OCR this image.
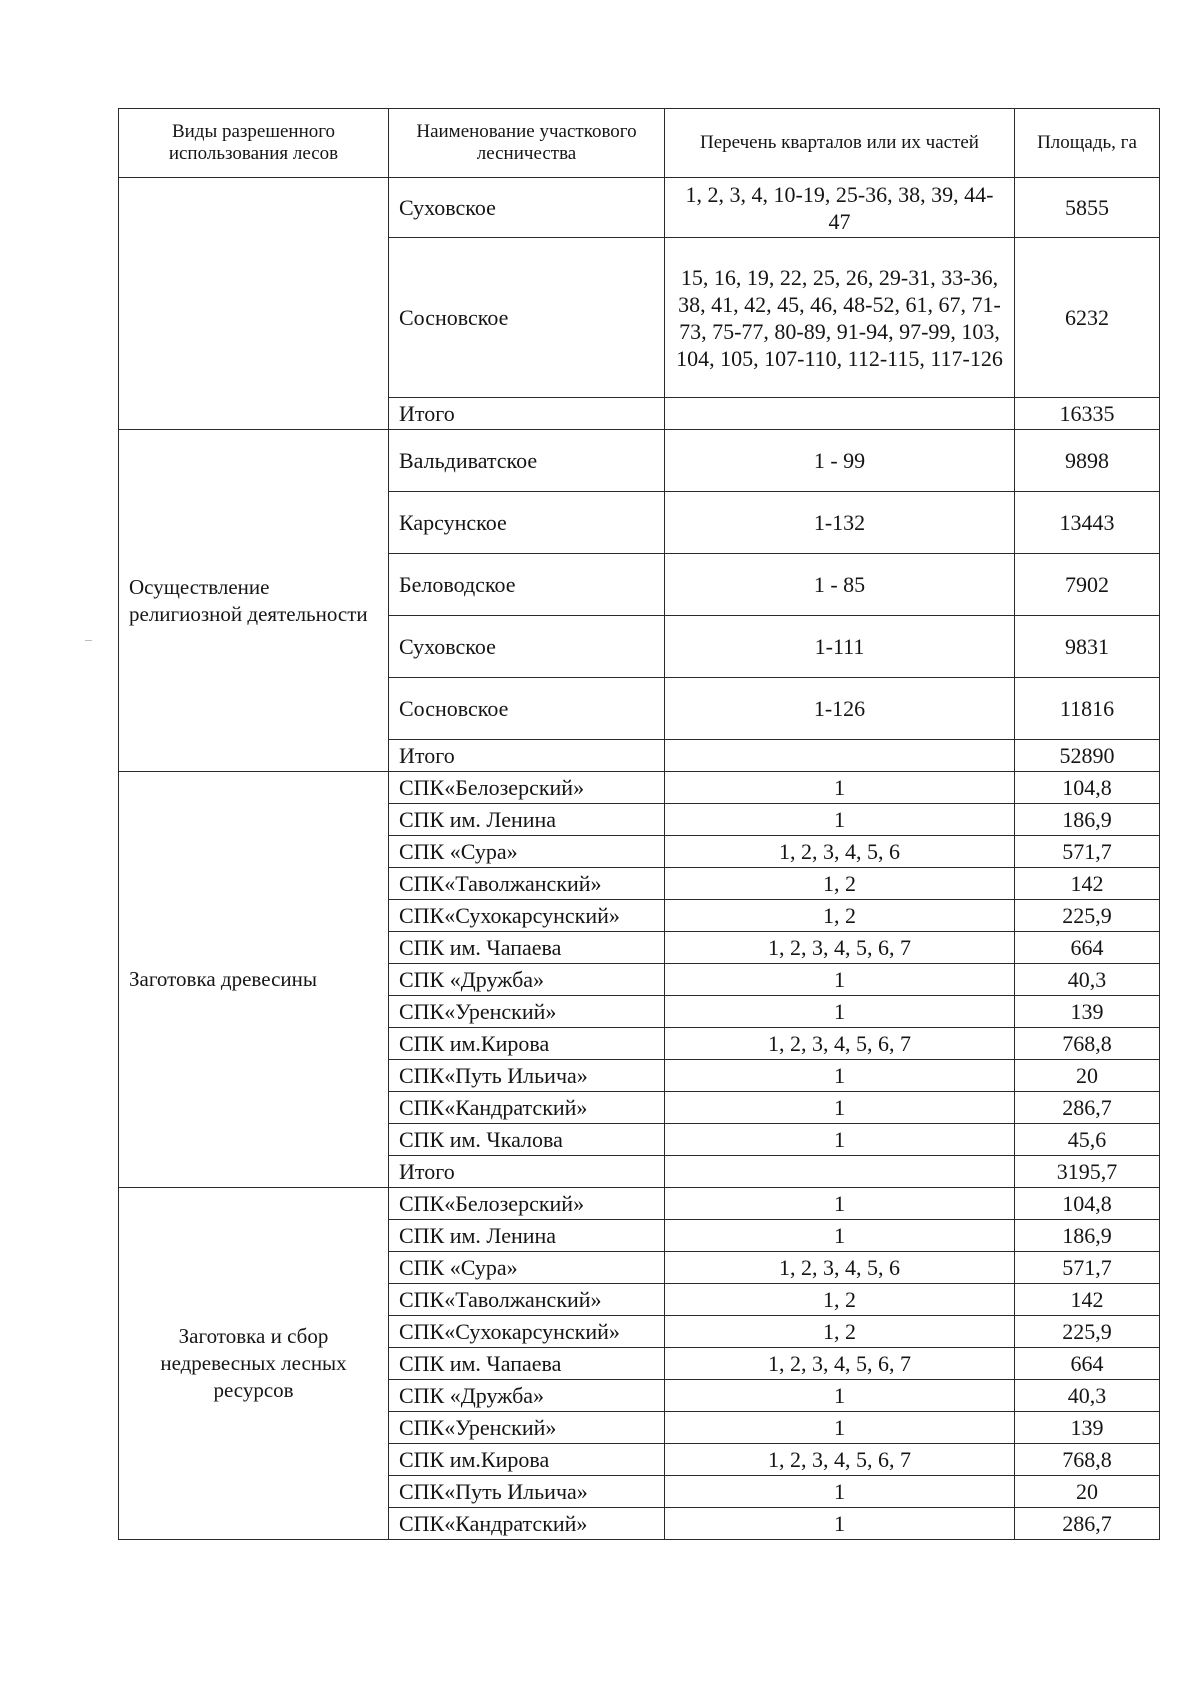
Виды разрешенного использования лесов	Наименование участкового лесничества	Перечень кварталов или их частей	Площадь, га
	Суховское	1, 2, 3, 4, 10-19, 25-36, 38, 39, 44-47	5855
	Сосновское	15, 16, 19, 22, 25, 26, 29-31, 33-36, 38, 41, 42, 45, 46, 48-52, 61, 67, 71-73, 75-77, 80-89, 91-94, 97-99, 103, 104, 105, 107-110, 112-115, 117-126	6232
	Итого		16335
Осуществление религиозной деятельности	Вальдиватское	1 - 99	9898
	Карсунское	1-132	13443
	Беловодское	1 - 85	7902
	Суховское	1-111	9831
	Сосновское	1-126	11816
	Итого		52890
Заготовка древесины	СПК«Белозерский»	1	104,8
	СПК им. Ленина	1	186,9
	СПК «Сура»	1, 2, 3, 4, 5, 6	571,7
	СПК«Таволжанский»	1, 2	142
	СПК«Сухокарсунский»	1, 2	225,9
	СПК им. Чапаева	1, 2, 3, 4, 5, 6, 7	664
	СПК «Дружба»	1	40,3
	СПК«Уренский»	1	139
	СПК им.Кирова	1, 2, 3, 4, 5, 6, 7	768,8
	СПК«Путь Ильича»	1	20
	СПК«Кандратский»	1	286,7
	СПК им. Чкалова	1	45,6
	Итого		3195,7
Заготовка и сбор недревесных лесных ресурсов	СПК«Белозерский»	1	104,8
	СПК им. Ленина	1	186,9
	СПК «Сура»	1, 2, 3, 4, 5, 6	571,7
	СПК«Таволжанский»	1, 2	142
	СПК«Сухокарсунский»	1, 2	225,9
	СПК им. Чапаева	1, 2, 3, 4, 5, 6, 7	664
	СПК «Дружба»	1	40,3
	СПК«Уренский»	1	139
	СПК им.Кирова	1, 2, 3, 4, 5, 6, 7	768,8
	СПК«Путь Ильича»	1	20
	СПК«Кандратский»	1	286,7
